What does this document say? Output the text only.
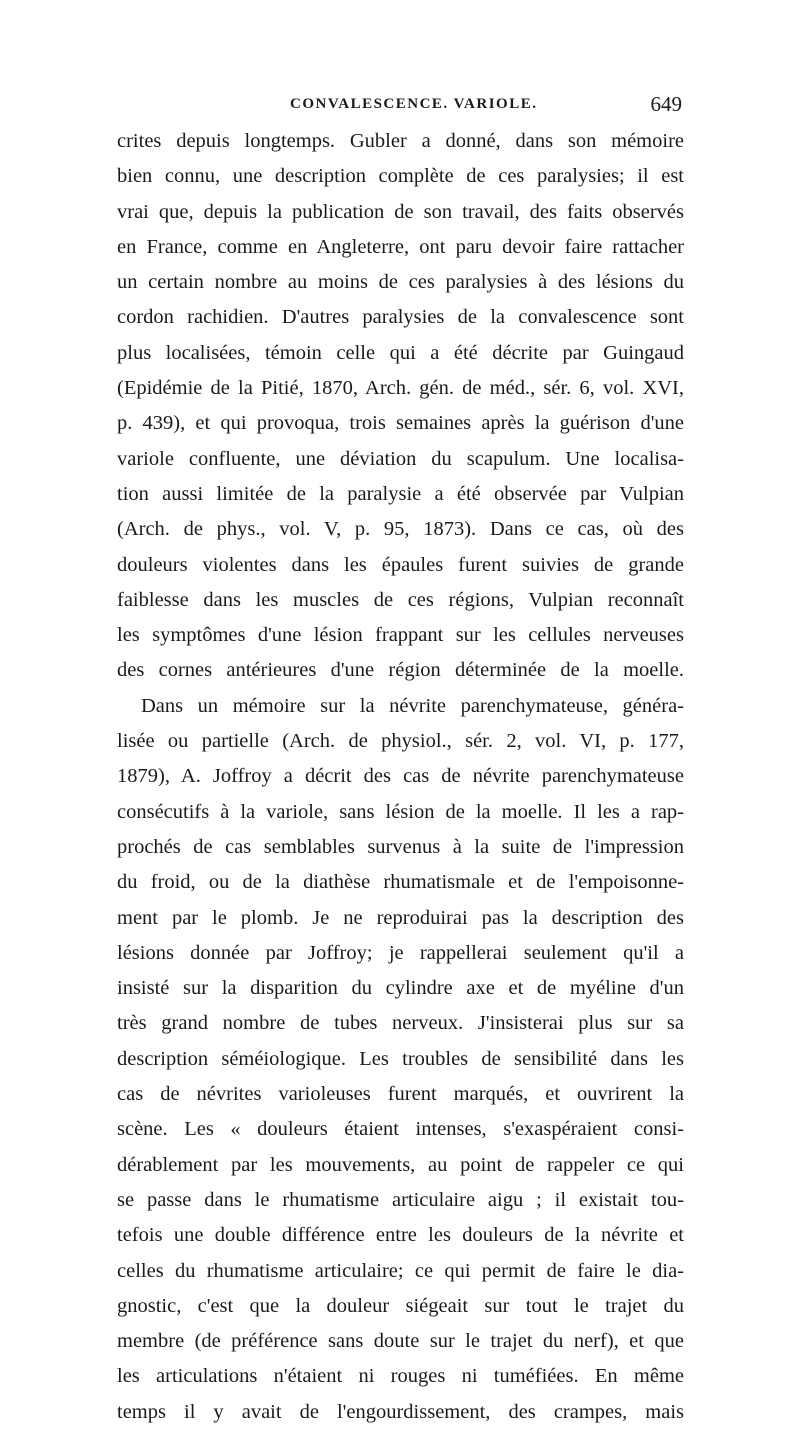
CONVALESCENCE. VARIOLE.	649
crites depuis longtemps. Gubler a donné, dans son mémoire
bien connu, une description complète de ces paralysies; il est
vrai que, depuis la publication de son travail, des faits observés
en France, comme en Angleterre, ont paru devoir faire rattacher
un certain nombre au moins de ces paralysies à des lésions du
cordon rachidien. D'autres paralysies de la convalescence sont
plus localisées, témoin celle qui a été décrite par Guingaud
(Epidémie de la Pitié, 1870, Arch. gén. de méd., sér. 6, vol. XVI,
p. 439), et qui provoqua, trois semaines après la guérison d'une
variole confluente, une déviation du scapulum. Une localisa-
tion aussi limitée de la paralysie a été observée par Vulpian
(Arch. de phys., vol. V, p. 95, 1873). Dans ce cas, où des
douleurs violentes dans les épaules furent suivies de grande
faiblesse dans les muscles de ces régions, Vulpian reconnaît
les symptômes d'une lésion frappant sur les cellules nerveuses
des cornes antérieures d'une région déterminée de la moelle.
Dans un mémoire sur la névrite parenchymateuse, généra-
lisée ou partielle (Arch. de physiol., sér. 2, vol. VI, p. 177,
1879), A. Joffroy a décrit des cas de névrite parenchymateuse
consécutifs à la variole, sans lésion de la moelle. Il les a rap-
prochés de cas semblables survenus à la suite de l'impression
du froid, ou de la diathèse rhumatismale et de l'empoisonne-
ment par le plomb. Je ne reproduirai pas la description des
lésions donnée par Joffroy; je rappellerai seulement qu'il a
insisté sur la disparition du cylindre axe et de myéline d'un
très grand nombre de tubes nerveux. J'insisterai plus sur sa
description séméiologique. Les troubles de sensibilité dans les
cas de névrites varioleuses furent marqués, et ouvrirent la
scène. Les « douleurs étaient intenses, s'exaspéraient consi-
dérablement par les mouvements, au point de rappeler ce qui
se passe dans le rhumatisme articulaire aigu ; il existait tou-
tefois une double différence entre les douleurs de la névrite et
celles du rhumatisme articulaire; ce qui permit de faire le dia-
gnostic, c'est que la douleur siégeait sur tout le trajet du
membre (de préférence sans doute sur le trajet du nerf), et que
les articulations n'étaient ni rouges ni tuméfiées. En même
temps il y avait de l'engourdissement, des crampes, mais
